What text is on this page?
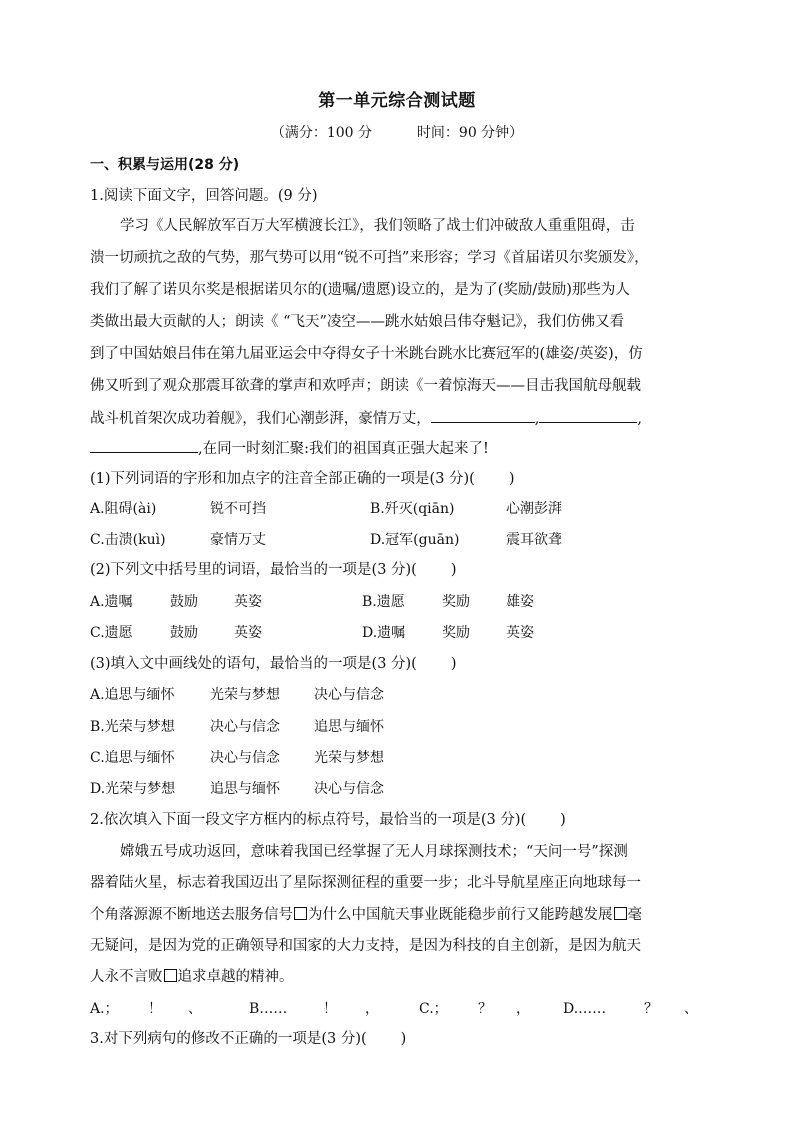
第一单元综合测试题
（满分：100 分	时间：90 分钟）
一、积累与运用(28 分)
1.阅读下面文字，回答问题。(9 分)
学习《人民解放军百万大军横渡长江》，我们领略了战士们冲破敌人重重阻碍，击
溃一切顽抗之敌的气势，那气势可以用“锐不可挡”来形容；学习《首届诺贝尔奖颁发》，
我们了解了诺贝尔奖是根据诺贝尔的(遗嘱/遗愿)设立的，是为了(奖励/鼓励)那些为人
类做出最大贡献的人；朗读《 “飞天”凌空——跳水姑娘吕伟夺魁记》，我们仿佛又看
到了中国姑娘吕伟在第九届亚运会中夺得女子十米跳台跳水比赛冠军的(雄姿/英姿)，仿
佛又听到了观众那震耳欲聋的掌声和欢呼声；朗读《一着惊海天——目击我国航母舰载
战斗机首架次成功着舰》，我们心潮彭湃，豪情万丈，	,	,
,在同一时刻汇聚:我们的祖国真正强大起来了!
(1)下列词语的字形和加点字的注音全部正确的一项是(3 分)( )
A.阻碍(ài)	锐不可挡	B.歼灭(qiān)	心潮彭湃
C.击溃(kuì)	豪情万丈	D.冠军(guān)	震耳欲聋
(2)下列文中括号里的词语，最恰当的一项是(3 分)( )
A.遗嘱	鼓励	英姿	B.遗愿	奖励	雄姿
C.遗愿	鼓励	英姿	D.遗嘱	奖励	英姿
(3)填入文中画线处的语句，最恰当的一项是(3 分)( )
A.追思与缅怀	光荣与梦想 决心与信念
B.光荣与梦想	决心与信念 追思与缅怀
C.追思与缅怀	决心与信念 光荣与梦想
D.光荣与梦想 追思与缅怀 决心与信念
2.依次填入下面一段文字方框内的标点符号，最恰当的一项是(3 分)( )
嫦娥五号成功返回，意味着我国已经掌握了无人月球探测技术；“天问一号”探测
器着陆火星，标志着我国迈出了星际探测征程的重要一步；北斗导航星座正向地球每一
个角落源源不断地送去服务信号 为什么中国航天事业既能稳步前行又能跨越发展 毫
无疑问，是因为党的正确领导和国家的大力支持，是因为科技的自主创新，是因为航天
人永不言败 追求卓越的精神。
A.； ！ 、	B……	！ ，	C.； ？ ， D.……	？ 、
3.对下列病句的修改不正确的一项是(3 分)( )
